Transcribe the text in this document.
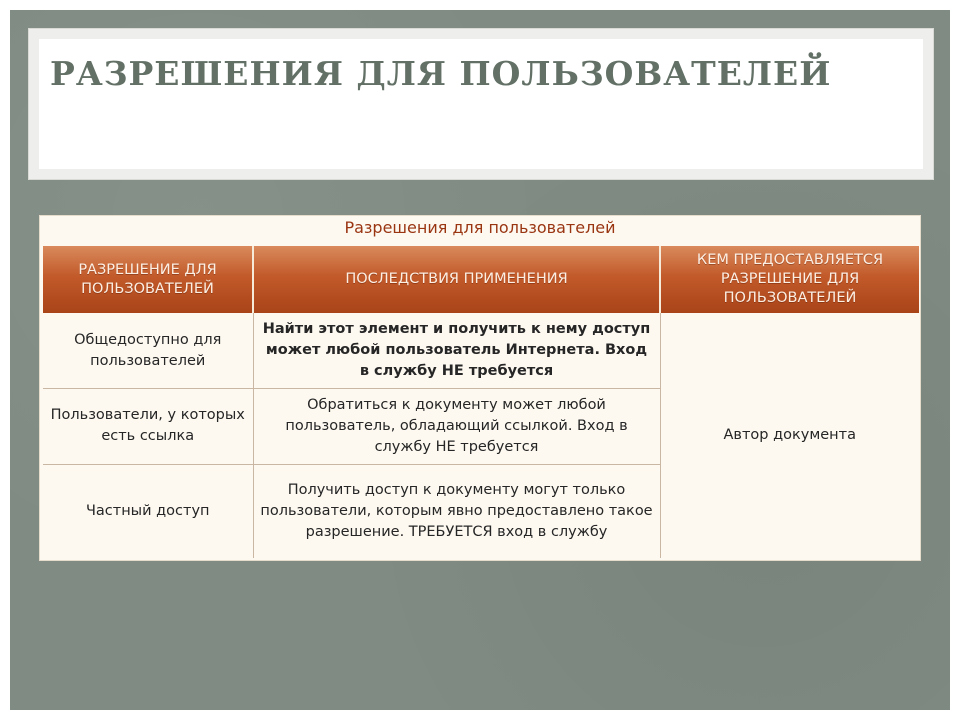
РАЗРЕШЕНИЯ ДЛЯ ПОЛЬЗОВАТЕЛЕЙ
Разрешения для пользователей
РАЗРЕШЕНИЕ ДЛЯ ПОЛЬЗОВАТЕЛЕЙ	ПОСЛЕДСТВИЯ ПРИМЕНЕНИЯ	КЕМ ПРЕДОСТАВЛЯЕТСЯ РАЗРЕШЕНИЕ ДЛЯ ПОЛЬЗОВАТЕЛЕЙ
Общедоступно для пользователей	Найти этот элемент и получить к нему доступ может любой пользователь Интернета. Вход в службу НЕ требуется	Автор документа
Пользователи, у которых есть ссылка	Обратиться к документу может любой пользователь, обладающий ссылкой. Вход в службу НЕ требуется	
Частный доступ	Получить доступ к документу могут только пользователи, которым явно предоставлено такое разрешение. ТРЕБУЕТСЯ вход в службу	
